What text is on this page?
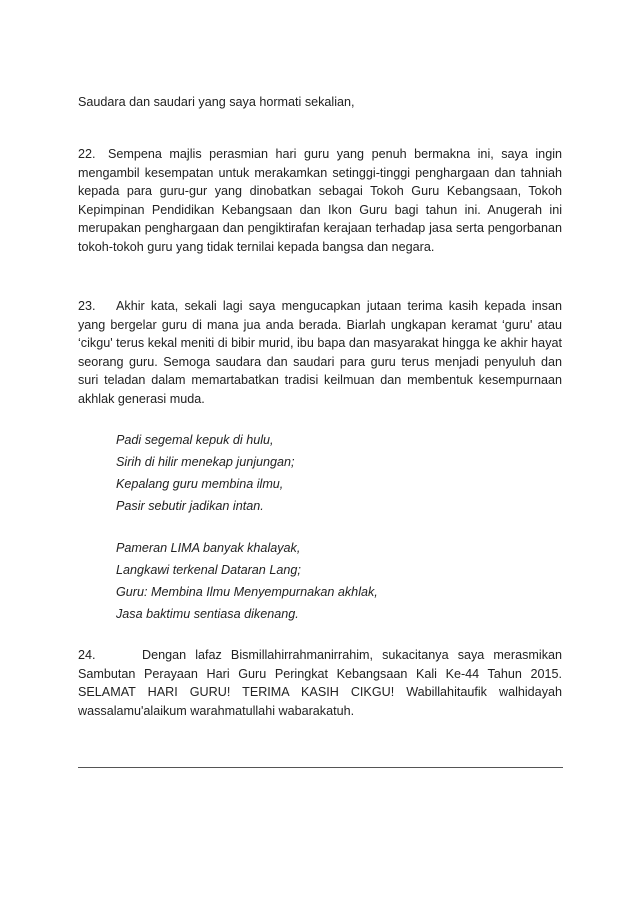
Saudara dan saudari yang saya hormati sekalian,
22. Sempena majlis perasmian hari guru yang penuh bermakna ini, saya ingin mengambil kesempatan untuk merakamkan setinggi-tinggi penghargaan dan tahniah kepada para guru-gur yang dinobatkan sebagai Tokoh Guru Kebangsaan, Tokoh Kepimpinan Pendidikan Kebangsaan dan Ikon Guru bagi tahun ini. Anugerah ini merupakan penghargaan dan pengiktirafan kerajaan terhadap jasa serta pengorbanan tokoh-tokoh guru yang tidak ternilai kepada bangsa dan negara.
23. Akhir kata, sekali lagi saya mengucapkan jutaan terima kasih kepada insan yang bergelar guru di mana jua anda berada. Biarlah ungkapan keramat ‘guru' atau ‘cikgu' terus kekal meniti di bibir murid, ibu bapa dan masyarakat hingga ke akhir hayat seorang guru. Semoga saudara dan saudari para guru terus menjadi penyuluh dan suri teladan dalam memartabatkan tradisi keilmuan dan membentuk kesempurnaan akhlak generasi muda.
Padi segemal kepuk di hulu,
Sirih di hilir menekap junjungan;
Kepalang guru membina ilmu,
Pasir sebutir jadikan intan.
Pameran LIMA banyak khalayak,
Langkawi terkenal Dataran Lang;
Guru: Membina Ilmu Menyempurnakan akhlak,
Jasa baktimu sentiasa dikenang.
24.	Dengan lafaz Bismillahirrahmanirrahim, sukacitanya saya merasmikan Sambutan Perayaan Hari Guru Peringkat Kebangsaan Kali Ke-44 Tahun 2015. SELAMAT HARI GURU! TERIMA KASIH CIKGU! Wabillahitaufik walhidayah wassalamu'alaikum warahmatullahi wabarakatuh.
